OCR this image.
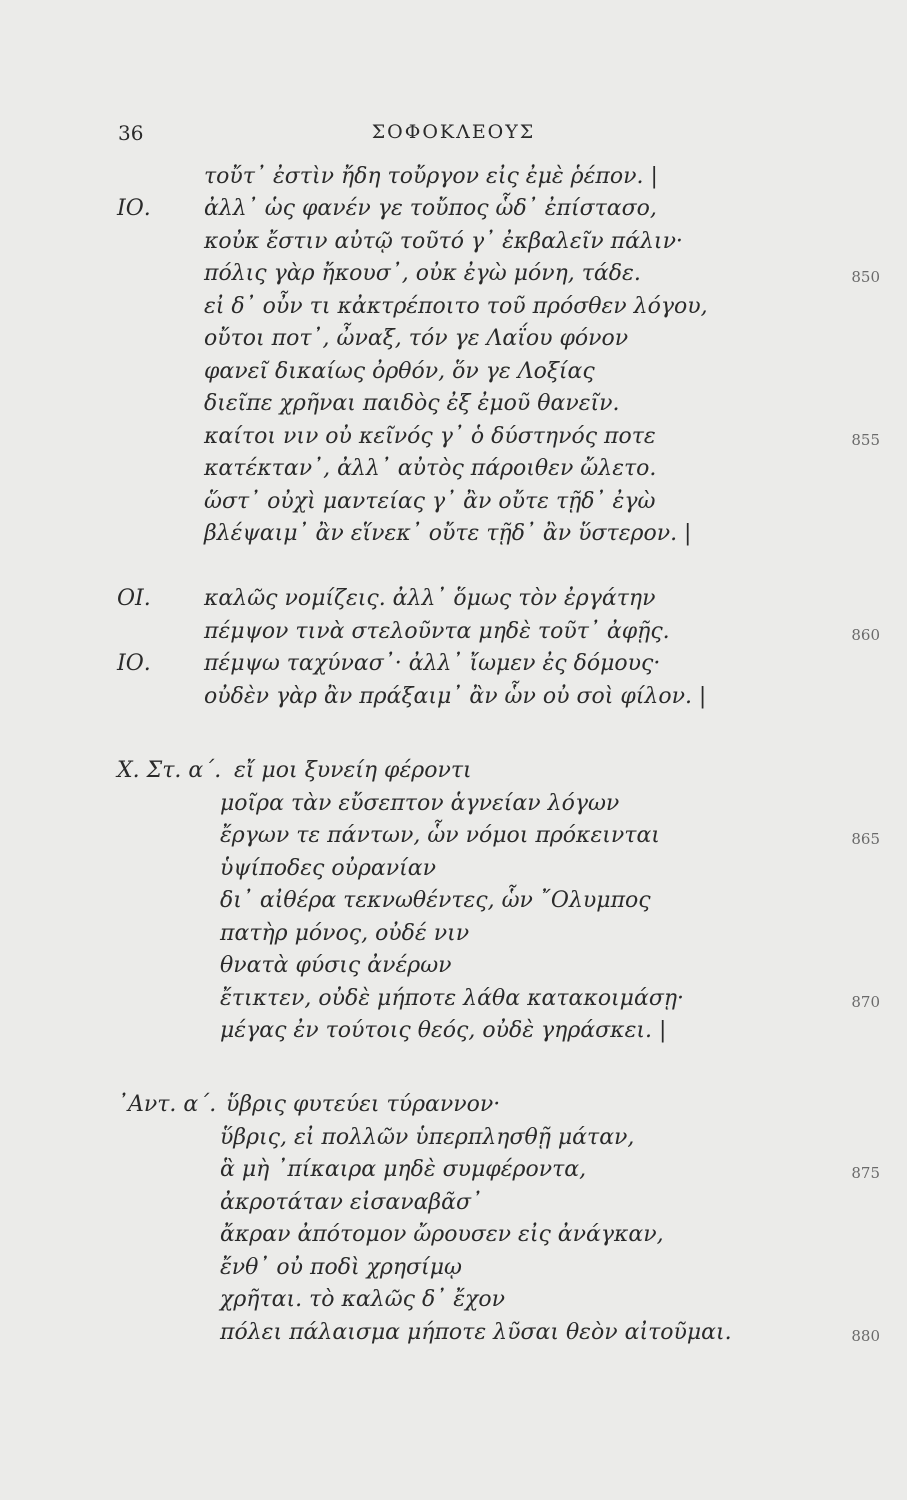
36	ΣΟΦΟΚΛΕΟΥΣ
ΙΟ.
ΟΙ.
ΙΟ.
Χ. Στ. α΄.
᾽Αντ. α΄.
τοὔτ᾽ ἐστὶν ἤδη τοὔργον εἰς ἐμὲ ῥέπον. |
ἀλλ᾽ ὡς φανέν γε τοὔπος ὧδ᾽ ἐπίστασο,
κοὐκ ἔστιν αὐτῷ τοῦτό γ᾽ ἐκβαλεῖν πάλιν·
πόλις γὰρ ἤκουσ᾽, οὐκ ἐγὼ μόνη, τάδε.
εἰ δ᾽ οὖν τι κἀκτρέποιτο τοῦ πρόσθεν λόγου,
οὔτοι ποτ᾽, ὦναξ, τόν γε Λαΐου φόνον
φανεῖ δικαίως ὀρθόν, ὅν γε Λοξίας
διεῖπε χρῆναι παιδὸς ἐξ ἐμοῦ θανεῖν.
καίτοι νιν οὐ κεῖνός γ᾽ ὁ δύστηνός ποτε
κατέκταν᾽, ἀλλ᾽ αὐτὸς πάροιθεν ὤλετο.
ὥστ᾽ οὐχὶ μαντείας γ᾽ ἂν οὔτε τῇδ᾽ ἐγὼ
βλέψαιμ᾽ ἂν εἵνεκ᾽ οὔτε τῇδ᾽ ἂν ὕστερον. |
καλῶς νομίζεις. ἀλλ᾽ ὅμως τὸν ἐργάτην
πέμψον τινὰ στελοῦντα μηδὲ τοῦτ᾽ ἀφῇς.
πέμψω ταχύνασ᾽· ἀλλ᾽ ἴωμεν ἐς δόμους·
οὐδὲν γὰρ ἂν πράξαιμ᾽ ἂν ὧν οὐ σοὶ φίλον. |
εἴ μοι ξυνείη φέροντι
μοῖρα τὰν εὔσεπτον ἁγνείαν λόγων
ἔργων τε πάντων, ὧν νόμοι πρόκεινται
ὑψίποδες οὐρανίαν
δι᾽ αἰθέρα τεκνωθέντες, ὧν ῎Ολυμπος
πατὴρ μόνος, οὐδέ νιν
θνατὰ φύσις ἀνέρων
ἔτικτεν, οὐδὲ μήποτε λάθα κατακοιμάσῃ·
μέγας ἐν τούτοις θεός, οὐδὲ γηράσκει. |
ὕβρις φυτεύει τύραννον·
ὕβρις, εἰ πολλῶν ὑπερπλησθῇ μάταν,
ἃ μὴ ᾽πίκαιρα μηδὲ συμφέροντα,
ἀκροτάταν εἰσαναβᾶσ᾽
ἄκραν ἀπότομον ὤρουσεν εἰς ἀνάγκαν,
ἔνθ᾽ οὐ ποδὶ χρησίμῳ
χρῆται. τὸ καλῶς δ᾽ ἔχον
πόλει πάλαισμα μήποτε λῦσαι θεὸν αἰτοῦμαι.
850
855
860
865
870
875
880
